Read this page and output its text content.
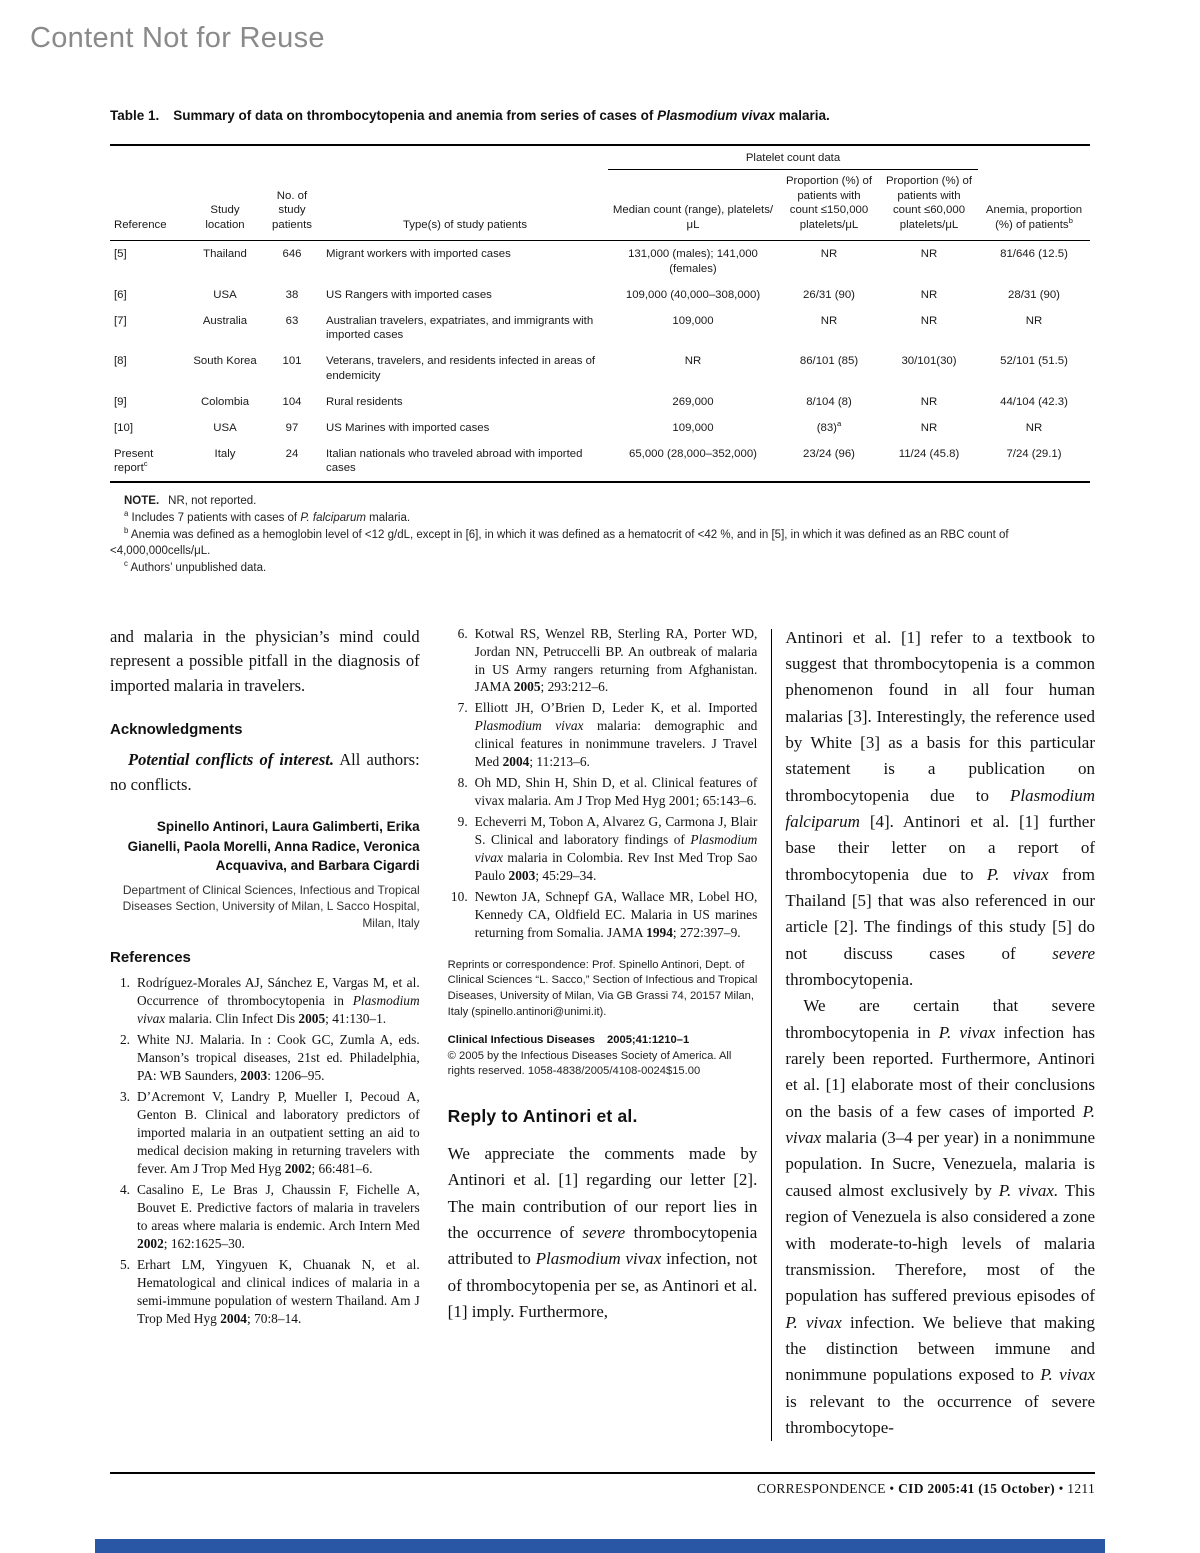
Content Not for Reuse
Table 1. Summary of data on thrombocytopenia and anemia from series of cases of Plasmodium vivax malaria.
				Platelet count data			
Reference	Study location	No. of study patients	Type(s) of study patients	Median count (range), platelets/μL	Proportion (%) of patients with count ≤150,000 platelets/μL	Proportion (%) of patients with count ≤60,000 platelets/μL	Anemia, proportion (%) of patients$^b$
[5]	Thailand	646	Migrant workers with imported cases	131,000 (males); 141,000 (females)	NR	NR	81/646 (12.5)
[6]	USA	38	US Rangers with imported cases	109,000 (40,000–308,000)	26/31 (90)	NR	28/31 (90)
[7]	Australia	63	Australian travelers, expatriates, and immigrants with imported cases	109,000	NR	NR	NR
[8]	South Korea	101	Veterans, travelers, and residents infected in areas of endemicity	NR	86/101 (85)	30/101(30)	52/101 (51.5)
[9]	Colombia	104	Rural residents	269,000	8/104 (8)	NR	44/104 (42.3)
[10]	USA	97	US Marines with imported cases	109,000	$(83)^a$	NR	NR
Present report$^c$	Italy	24	Italian nationals who traveled abroad with imported cases	65,000 (28,000–352,000)	23/24 (96)	11/24 (45.8)	7/24 (29.1)
NOTE. NR, not reported.
$^a$ Includes 7 patients with cases of P. falciparum malaria.
$^b$ Anemia was defined as a hemoglobin level of <12 g/dL, except in [6], in which it was defined as a hematocrit of <42 %, and in [5], in which it was defined as an RBC count of <4,000,000cells/μL.
$^c$ Authors’ unpublished data.

and malaria in the physician’s mind could represent a possible pitfall in the diagnosis of imported malaria in travelers.

Acknowledgments

Potential conflicts of interest. All authors: no conflicts.

Spinello Antinori, Laura Galimberti, Erika Gianelli, Paola Morelli, Anna Radice, Veronica Acquaviva, and Barbara Cigardi
Department of Clinical Sciences, Infectious and Tropical Diseases Section, University of Milan, L Sacco Hospital, Milan, Italy
References
1. Rodríguez-Morales AJ, Sánchez E, Vargas M, et al. Occurrence of thrombocytopenia in Plasmodium vivax malaria. Clin Infect Dis 2005; 41:130–1.
2. White NJ. Malaria. In : Cook GC, Zumla A, eds. Manson’s tropical diseases, 21st ed. Philadelphia, PA: WB Saunders, 2003: 1206–95.
3. D’Acremont V, Landry P, Mueller I, Pecoud A, Genton B. Clinical and laboratory predictors of imported malaria in an outpatient setting an aid to medical decision making in returning travelers with fever. Am J Trop Med Hyg 2002; 66:481–6.
4. Casalino E, Le Bras J, Chaussin F, Fichelle A, Bouvet E. Predictive factors of malaria in travelers to areas where malaria is endemic. Arch Intern Med 2002; 162:1625–30.
5. Erhart LM, Yingyuen K, Chuanak N, et al. Hematological and clinical indices of malaria in a semi-immune population of western Thailand. Am J Trop Med Hyg 2004; 70:8–14.
6. Kotwal RS, Wenzel RB, Sterling RA, Porter WD, Jordan NN, Petruccelli BP. An outbreak of malaria in US Army rangers returning from Afghanistan. JAMA 2005; 293:212–6.
7. Elliott JH, O’Brien D, Leder K, et al. Imported Plasmodium vivax malaria: demographic and clinical features in nonimmune travelers. J Travel Med 2004; 11:213–6.
8. Oh MD, Shin H, Shin D, et al. Clinical features of vivax malaria. Am J Trop Med Hyg 2001; 65:143–6.
9. Echeverri M, Tobon A, Alvarez G, Carmona J, Blair S. Clinical and laboratory findings of Plasmodium vivax malaria in Colombia. Rev Inst Med Trop Sao Paulo 2003; 45:29–34.
10. Newton JA, Schnepf GA, Wallace MR, Lobel HO, Kennedy CA, Oldfield EC. Malaria in US marines returning from Somalia. JAMA 1994; 272:397–9.
Reprints or correspondence: Prof. Spinello Antinori, Dept. of Clinical Sciences “L. Sacco,” Section of Infectious and Tropical Diseases, University of Milan, Via GB Grassi 74, 20157 Milan, Italy (spinello.antinori@unimi.it).
Clinical Infectious Diseases 2005;41:1210–1
© 2005 by the Infectious Diseases Society of America. All rights reserved. 1058-4838/2005/4108-0024$15.00
Reply to Antinori et al.

We appreciate the comments made by Antinori et al. [1] regarding our letter [2]. The main contribution of our report lies in the occurrence of severe thrombocytopenia attributed to Plasmodium vivax infection, not of thrombocytopenia per se, as Antinori et al. [1] imply. Furthermore,

Antinori et al. [1] refer to a textbook to suggest that thrombocytopenia is a common phenomenon found in all four human malarias [3]. Interestingly, the reference used by White [3] as a basis for this particular statement is a publication on thrombocytopenia due to Plasmodium falciparum [4]. Antinori et al. [1] further base their letter on a report of thrombocytopenia due to P. vivax from Thailand [5] that was also referenced in our article [2]. The findings of this study [5] do not discuss cases of severe thrombocytopenia.

We are certain that severe thrombocytopenia in P. vivax infection has rarely been reported. Furthermore, Antinori et al. [1] elaborate most of their conclusions on the basis of a few cases of imported P. vivax malaria (3–4 per year) in a nonimmune population. In Sucre, Venezuela, malaria is caused almost exclusively by P. vivax. This region of Venezuela is also considered a zone with moderate-to-high levels of malaria transmission. Therefore, most of the population has suffered previous episodes of P. vivax infection. We believe that making the distinction between immune and nonimmune populations exposed to P. vivax is relevant to the occurrence of severe thrombocytope-

CORRESPONDENCE • CID 2005:41 (15 October) • 1211
